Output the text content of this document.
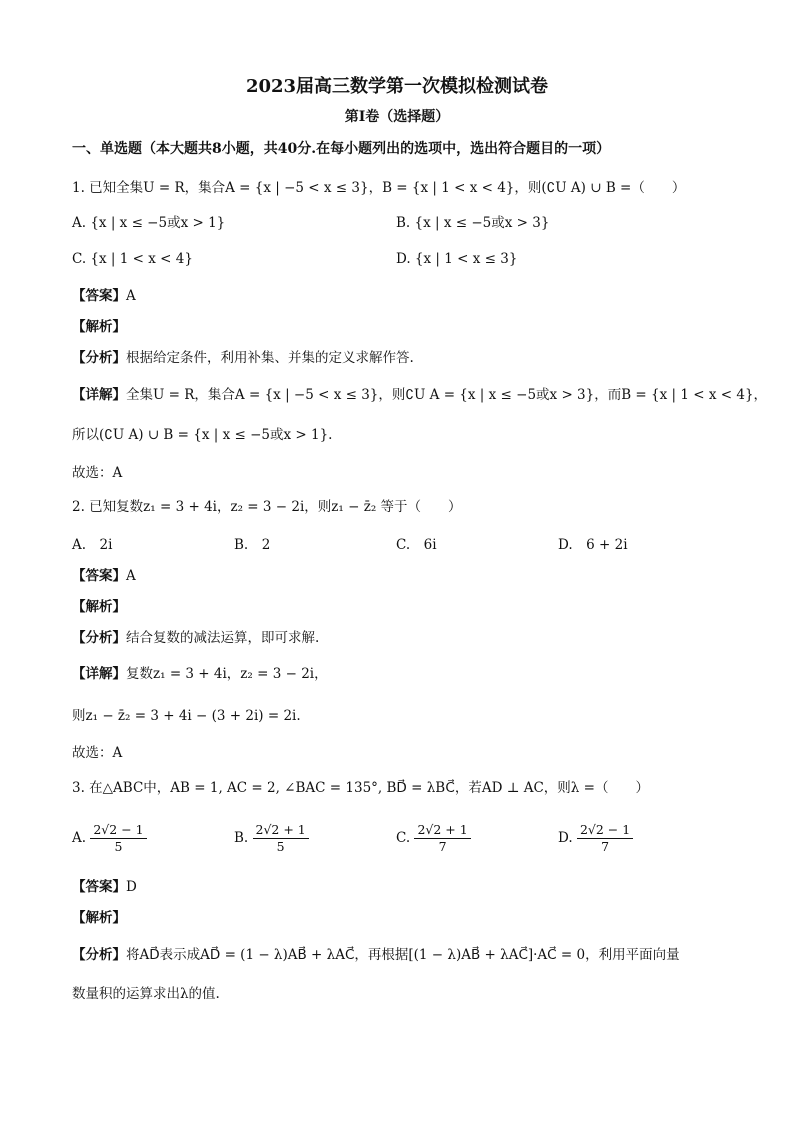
2023届高三数学第一次模拟检测试卷
第I卷（选择题）
一、单选题（本大题共8小题，共40分.在每小题列出的选项中，选出符合题目的一项）
1. 已知全集U = R，集合A = {x | −5 < x ≤ 3}，B = {x | 1 < x < 4}，则(∁U A) ∪ B =（　　）
A. {x | x ≤ −5或x > 1}	B. {x | x ≤ −5或x > 3}
C. {x | 1 < x < 4}	D. {x | 1 < x ≤ 3}
【答案】A
【解析】
【分析】根据给定条件，利用补集、并集的定义求解作答.
【详解】全集U = R，集合A = {x | −5 < x ≤ 3}，则∁U A = {x | x ≤ −5或x > 3}，而B = {x | 1 < x < 4}，
所以(∁U A) ∪ B = {x | x ≤ −5或x > 1}.
故选：A
2. 已知复数z₁ = 3 + 4i，z₂ = 3 − 2i，则z₁ − z̄₂ 等于（　　）
A.　2i	B.　2	C.　6i	D.　6 + 2i
【答案】A
【解析】
【分析】结合复数的减法运算，即可求解.
【详解】复数z₁ = 3 + 4i，z₂ = 3 − 2i，
则z₁ − z̄₂ = 3 + 4i − (3 + 2i) = 2i.
故选：A
3. 在△ABC中，AB = 1, AC = 2, ∠BAC = 135°, BD⃗ = λBC⃗，若AD ⊥ AC，则λ =（　　）
A. $\frac{2√2 - 1}{5}$	B. $\frac{2√2 + 1}{5}$	C. $\frac{2√2 + 1}{7}$	D. $\frac{2√2 - 1}{7}$
【答案】D
【解析】
【分析】将AD⃗表示成AD⃗ = (1 − λ)AB⃗ + λAC⃗，再根据[(1 − λ)AB⃗ + λAC⃗]·AC⃗ = 0，利用平面向量
数量积的运算求出λ的值.
